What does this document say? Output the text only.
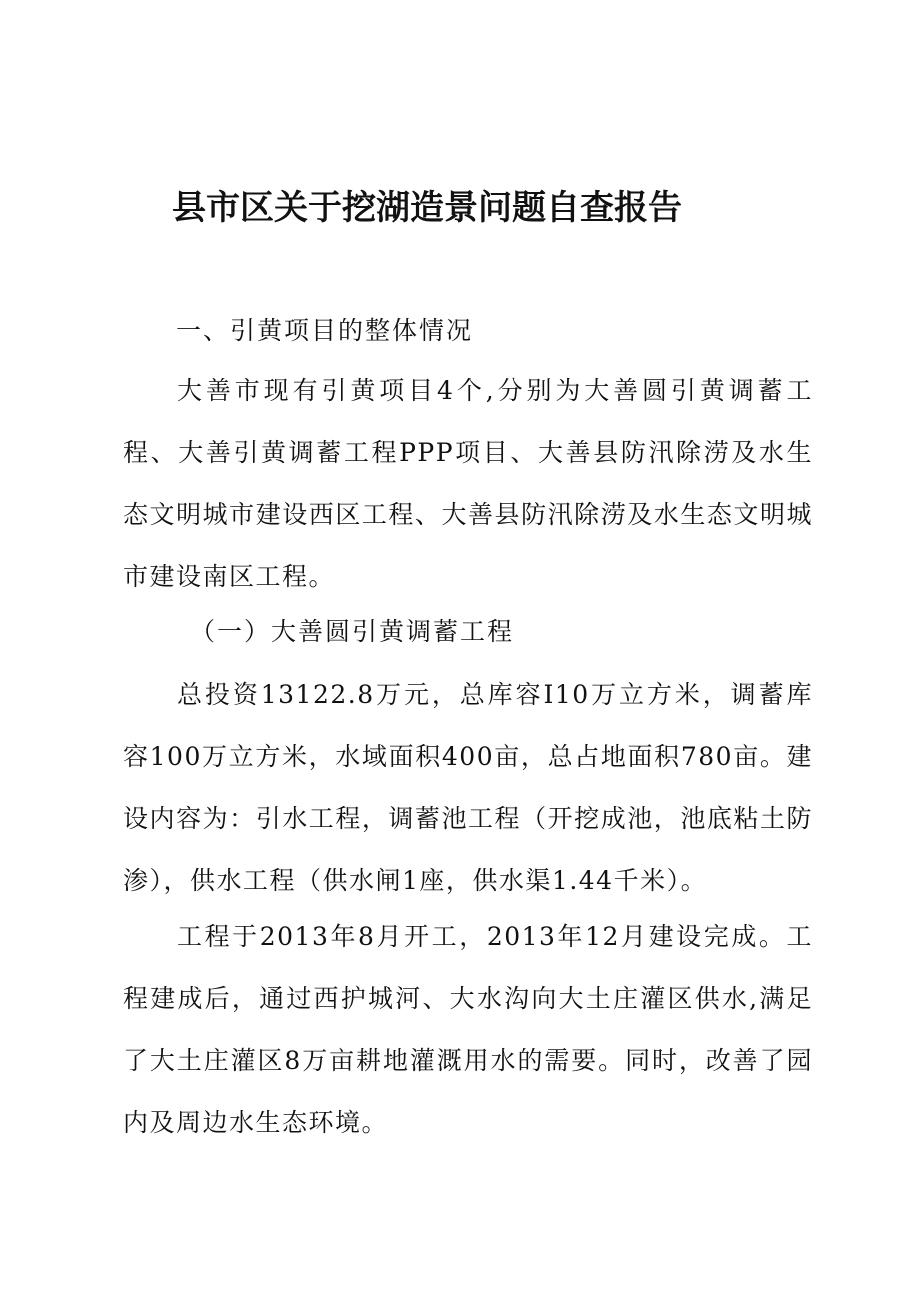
县市区关于挖湖造景问题自查报告
一、引黄项目的整体情况
大善市现有引黄项目4个,分别为大善圆引黄调蓄工程、大善引黄调蓄工程PPP项目、大善县防汛除涝及水生态文明城市建设西区工程、大善县防汛除涝及水生态文明城市建设南区工程。
（一）大善圆引黄调蓄工程
总投资13122.8万元，总库容I10万立方米，调蓄库容100万立方米，水域面积400亩，总占地面积780亩。建设内容为：引水工程，调蓄池工程（开挖成池，池底粘土防渗），供水工程（供水闸1座，供水渠1.44千米）。
工程于2013年8月开工，2013年12月建设完成。工程建成后，通过西护城河、大水沟向大土庄灌区供水,满足了大土庄灌区8万亩耕地灌溉用水的需要。同时，改善了园内及周边水生态环境。
